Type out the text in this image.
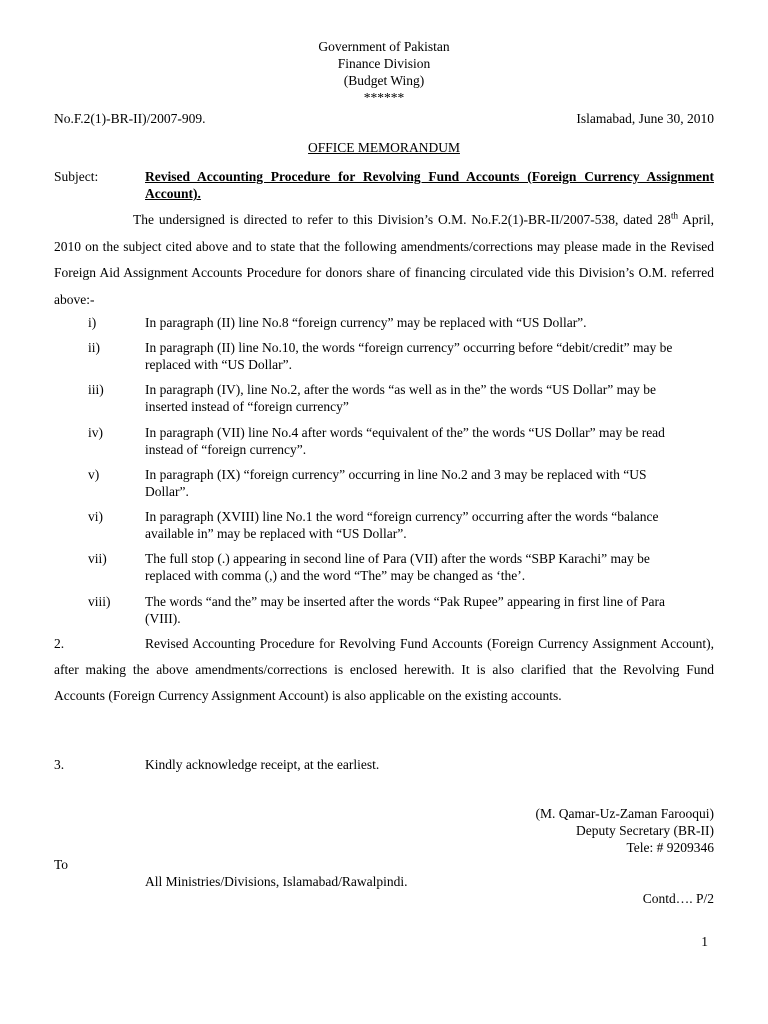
Government of Pakistan
Finance Division
(Budget Wing)
******
No.F.2(1)-BR-II)/2007-909.	Islamabad, June 30, 2010
OFFICE MEMORANDUM
Subject:	Revised Accounting Procedure for Revolving Fund Accounts (Foreign Currency Assignment Account).
The undersigned is directed to refer to this Division’s O.M. No.F.2(1)-BR-II/2007-538, dated 28th April, 2010 on the subject cited above and to state that the following amendments/corrections may please made in the Revised Foreign Aid Assignment Accounts Procedure for donors share of financing circulated vide this Division’s O.M. referred above:-
i)	In paragraph (II) line No.8 “foreign currency” may be replaced with “US Dollar”.
ii)	In paragraph (II) line No.10, the words “foreign currency” occurring before “debit/credit” may be replaced with “US Dollar”.
iii)	In paragraph (IV), line No.2, after the words “as well as in the” the words “US Dollar” may be inserted instead of “foreign currency”
iv)	In paragraph (VII) line No.4 after words “equivalent of the” the words “US Dollar” may be read instead of “foreign currency”.
v)	In paragraph (IX) “foreign currency” occurring in line No.2 and 3 may be replaced with “US Dollar”.
vi)	In paragraph (XVIII) line No.1 the word “foreign currency” occurring after the words “balance available in” may be replaced with “US Dollar”.
vii)	The full stop (.) appearing in second line of Para (VII) after the words “SBP Karachi” may be replaced with comma (,) and the word “The” may be changed as ‘the’.
viii)	The words “and the” may be inserted after the words “Pak Rupee” appearing in first line of Para (VIII).
2.	Revised Accounting Procedure for Revolving Fund Accounts (Foreign Currency Assignment Account), after making the above amendments/corrections is enclosed herewith. It is also clarified that the Revolving Fund Accounts (Foreign Currency Assignment Account) is also applicable on the existing accounts.
3.	Kindly acknowledge receipt, at the earliest.
(M. Qamar-Uz-Zaman Farooqui)
Deputy Secretary (BR-II)
Tele: # 9209346
To
All Ministries/Divisions, Islamabad/Rawalpindi.
Contd…. P/2
1
